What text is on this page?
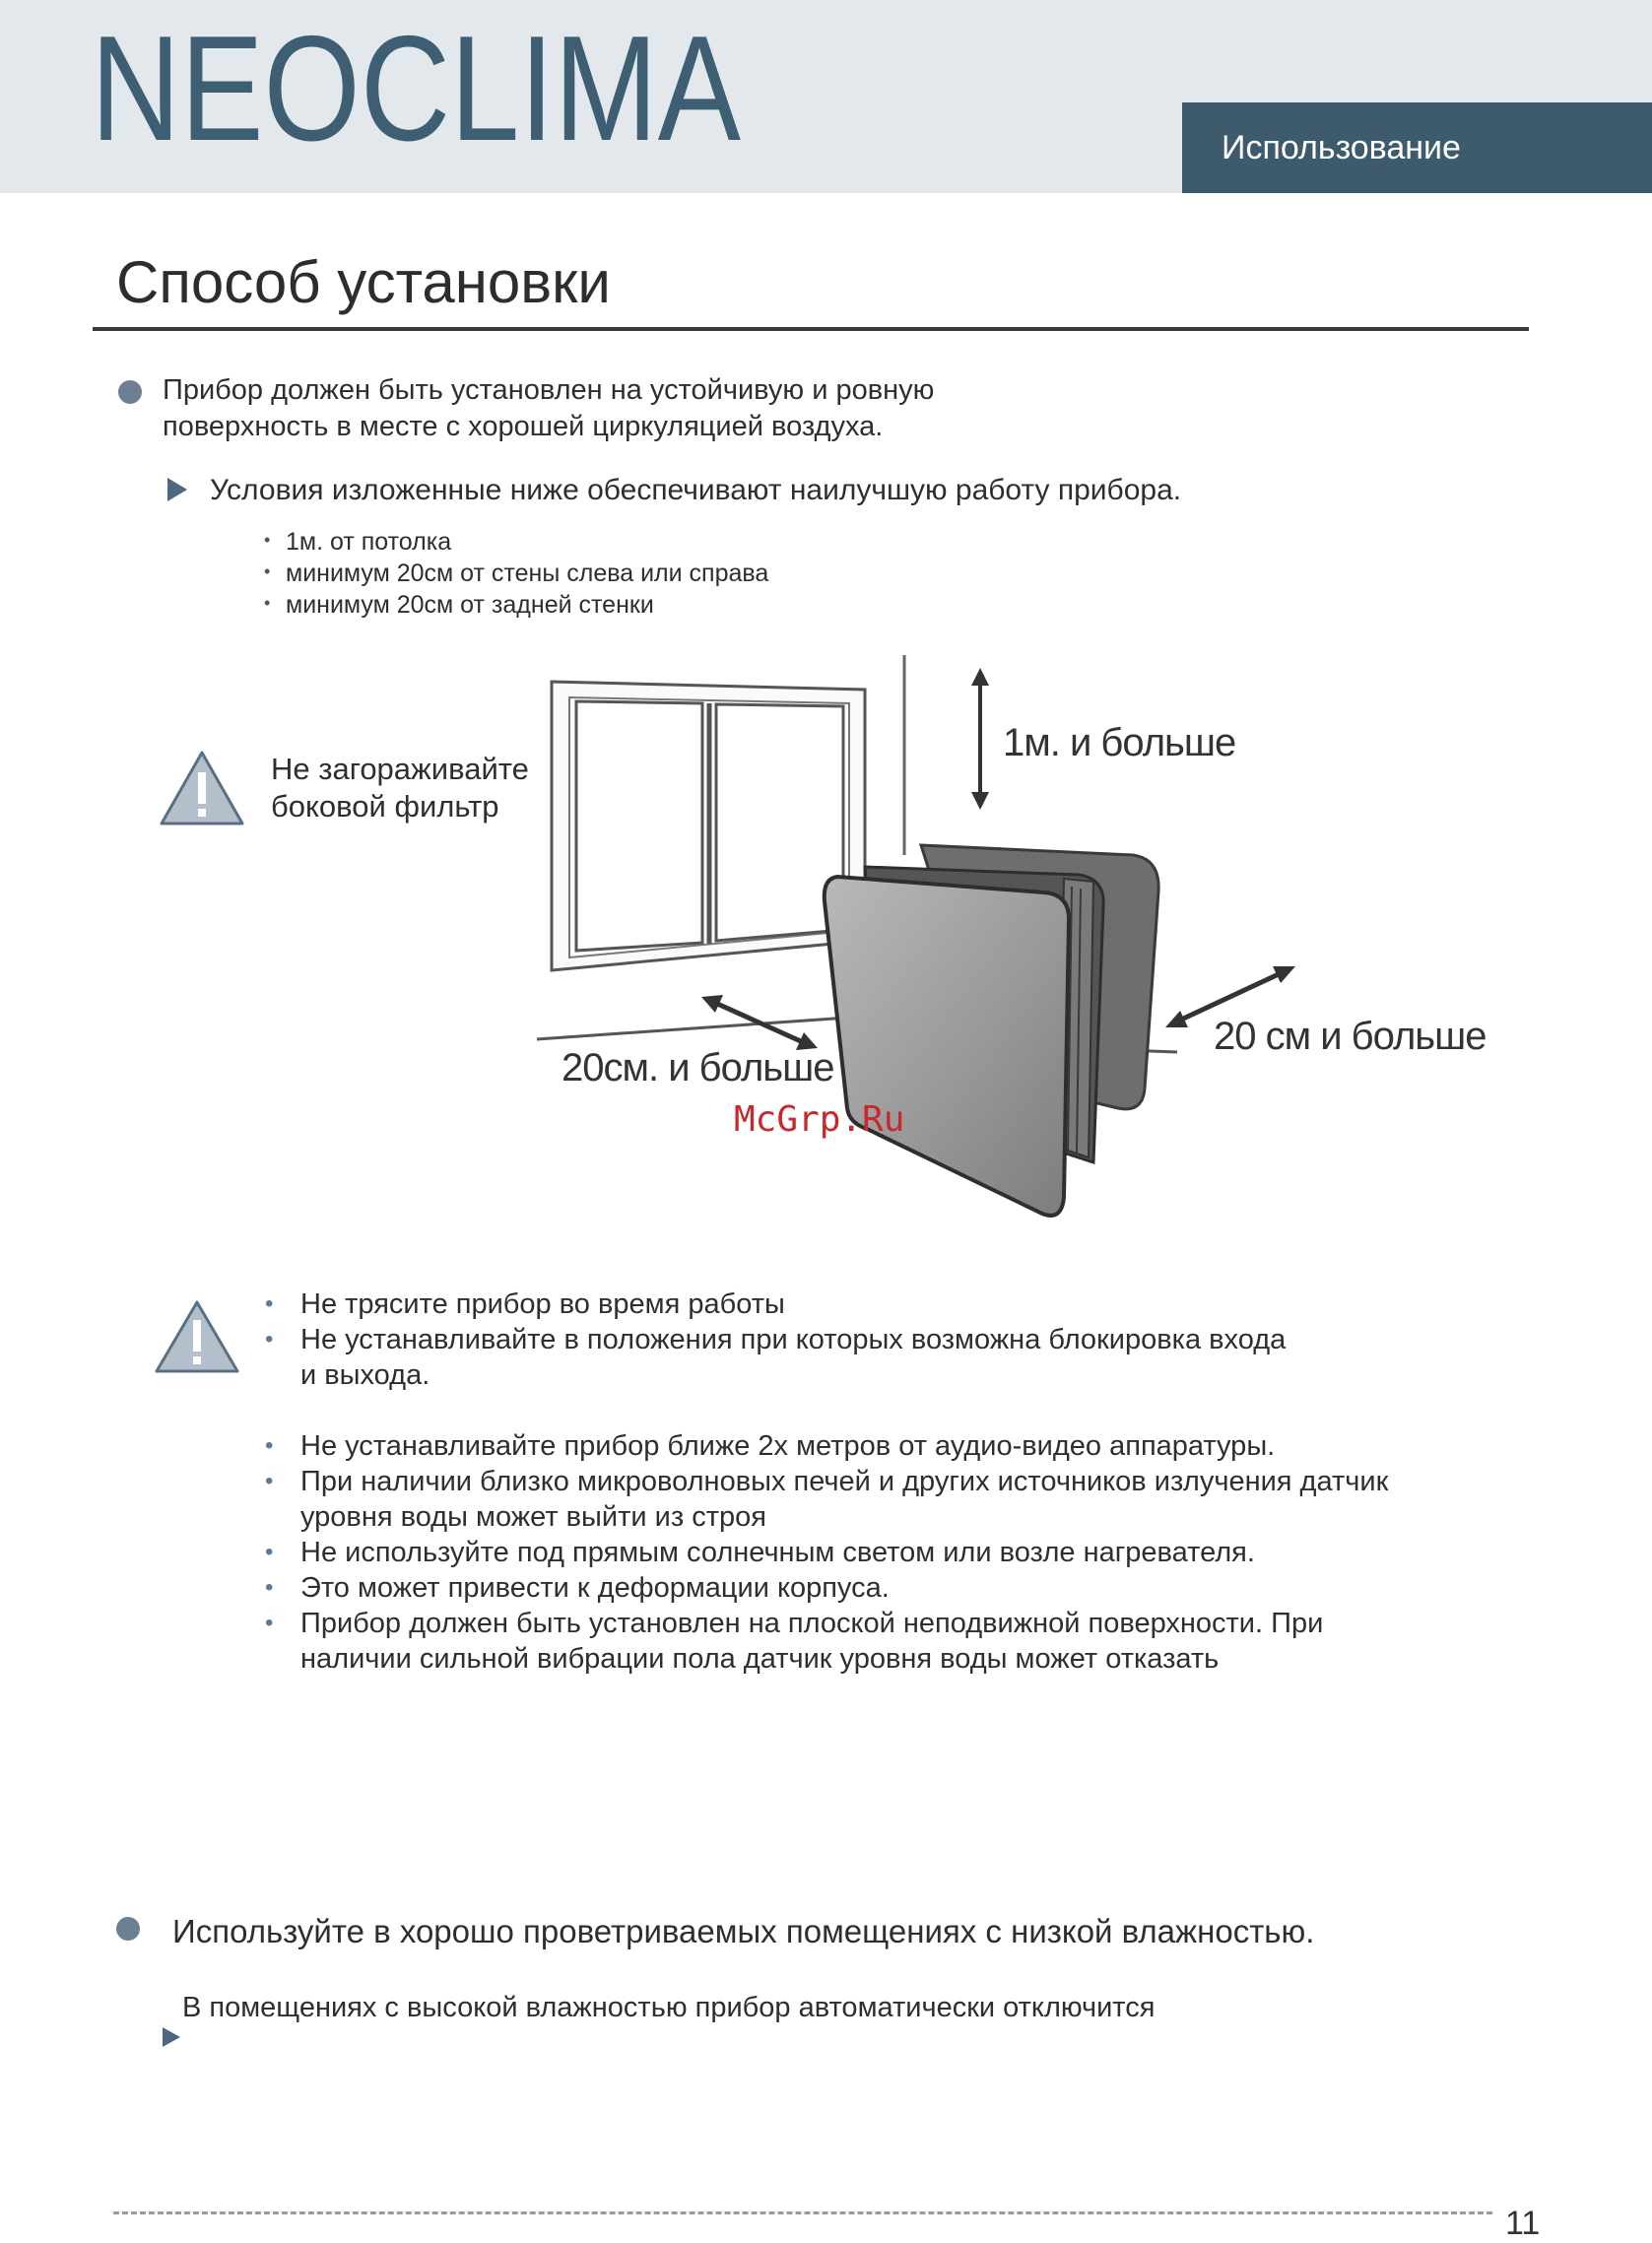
NEOCLIMA	Использование
Способ установки
Прибор должен быть установлен на устойчивую и ровную поверхность в месте с хорошей циркуляцией воздуха.
Условия изложенные ниже обеспечивают наилучшую работу прибора.
• 1м. от потолка
• минимум 20см от стены слева или справа
• минимум 20см от задней стенки
Не загораживайте боковой фильтр
1м. и больше
20см. и больше
20 см и больше
McGrp.Ru
• Не трясите прибор во время работы
• Не устанавливайте в положения при которых возможна блокировка входа и выхода.
• Не устанавливайте прибор ближе 2х метров от аудио-видео аппаратуры.
• При наличии близко микроволновых печей и других источников излучения датчик уровня воды может выйти из строя
• Не используйте под прямым солнечным светом или возле нагревателя.
• Это может привести к деформации корпуса.
• Прибор должен быть установлен на плоской неподвижной поверхности. При наличии сильной вибрации пола датчик уровня воды может отказать
Используйте в хорошо проветриваемых помещениях с низкой влажностью.
В помещениях с высокой влажностью прибор автоматически отключится
11
